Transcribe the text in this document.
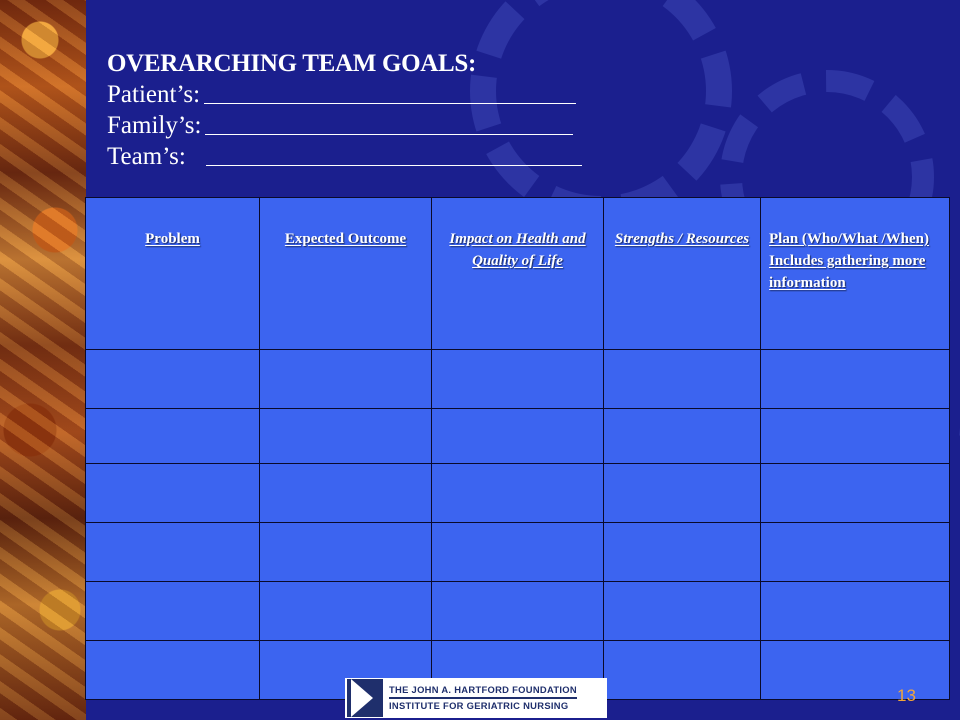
OVERARCHING TEAM GOALS:
Patient’s:
Family’s:
Team’s:
Problem	Expected Outcome	Impact on Health and Quality of Life	Strengths / Resources	Plan (Who/What /When) Includes gathering more information

THE JOHN A. HARTFORD FOUNDATION
INSTITUTE FOR GERIATRIC NURSING
13
